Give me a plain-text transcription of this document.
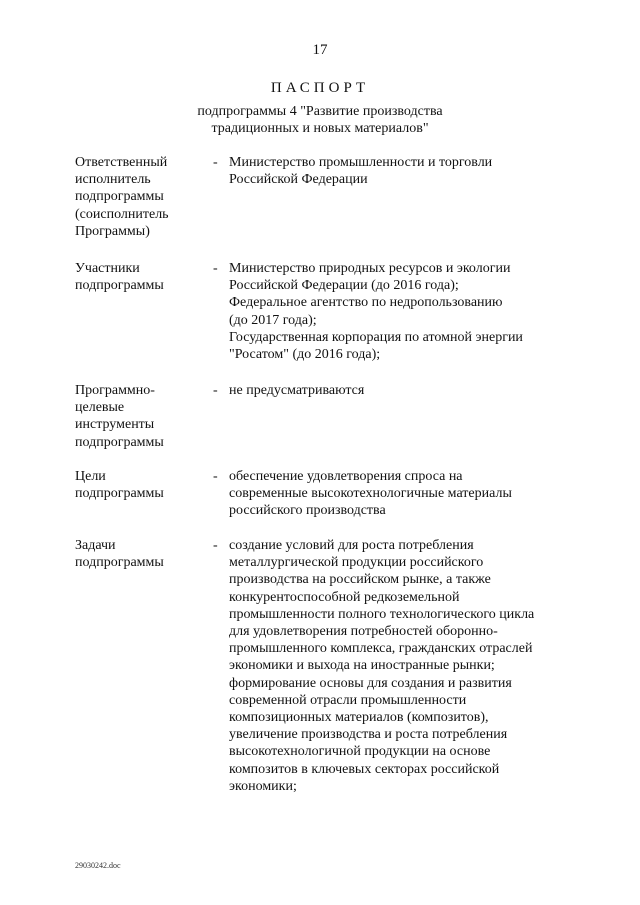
17
ПАСПОРТ
подпрограммы 4 "Развитие производства
традиционных и новых материалов"
Ответственный
исполнитель
подпрограммы
(соисполнитель
Программы)
- Министерство промышленности и торговли
Российской Федерации
Участники
подпрограммы
- Министерство природных ресурсов и экологии
Российской Федерации (до 2016 года);
Федеральное агентство по недропользованию
(до 2017 года);
Государственная корпорация по атомной энергии
"Росатом" (до 2016 года);
Программно-
целевые
инструменты
подпрограммы
- не предусматриваются
Цели
подпрограммы
- обеспечение удовлетворения спроса на
современные высокотехнологичные материалы
российского производства
Задачи
подпрограммы
- создание условий для роста потребления
металлургической продукции российского
производства на российском рынке, а также
конкурентоспособной редкоземельной
промышленности полного технологического цикла
для удовлетворения потребностей оборонно-
промышленного комплекса, гражданских отраслей
экономики и выхода на иностранные рынки;
формирование основы для создания и развития
современной отрасли промышленности
композиционных материалов (композитов),
увеличение производства и роста потребления
высокотехнологичной продукции на основе
композитов в ключевых секторах российской
экономики;
29030242.doc
